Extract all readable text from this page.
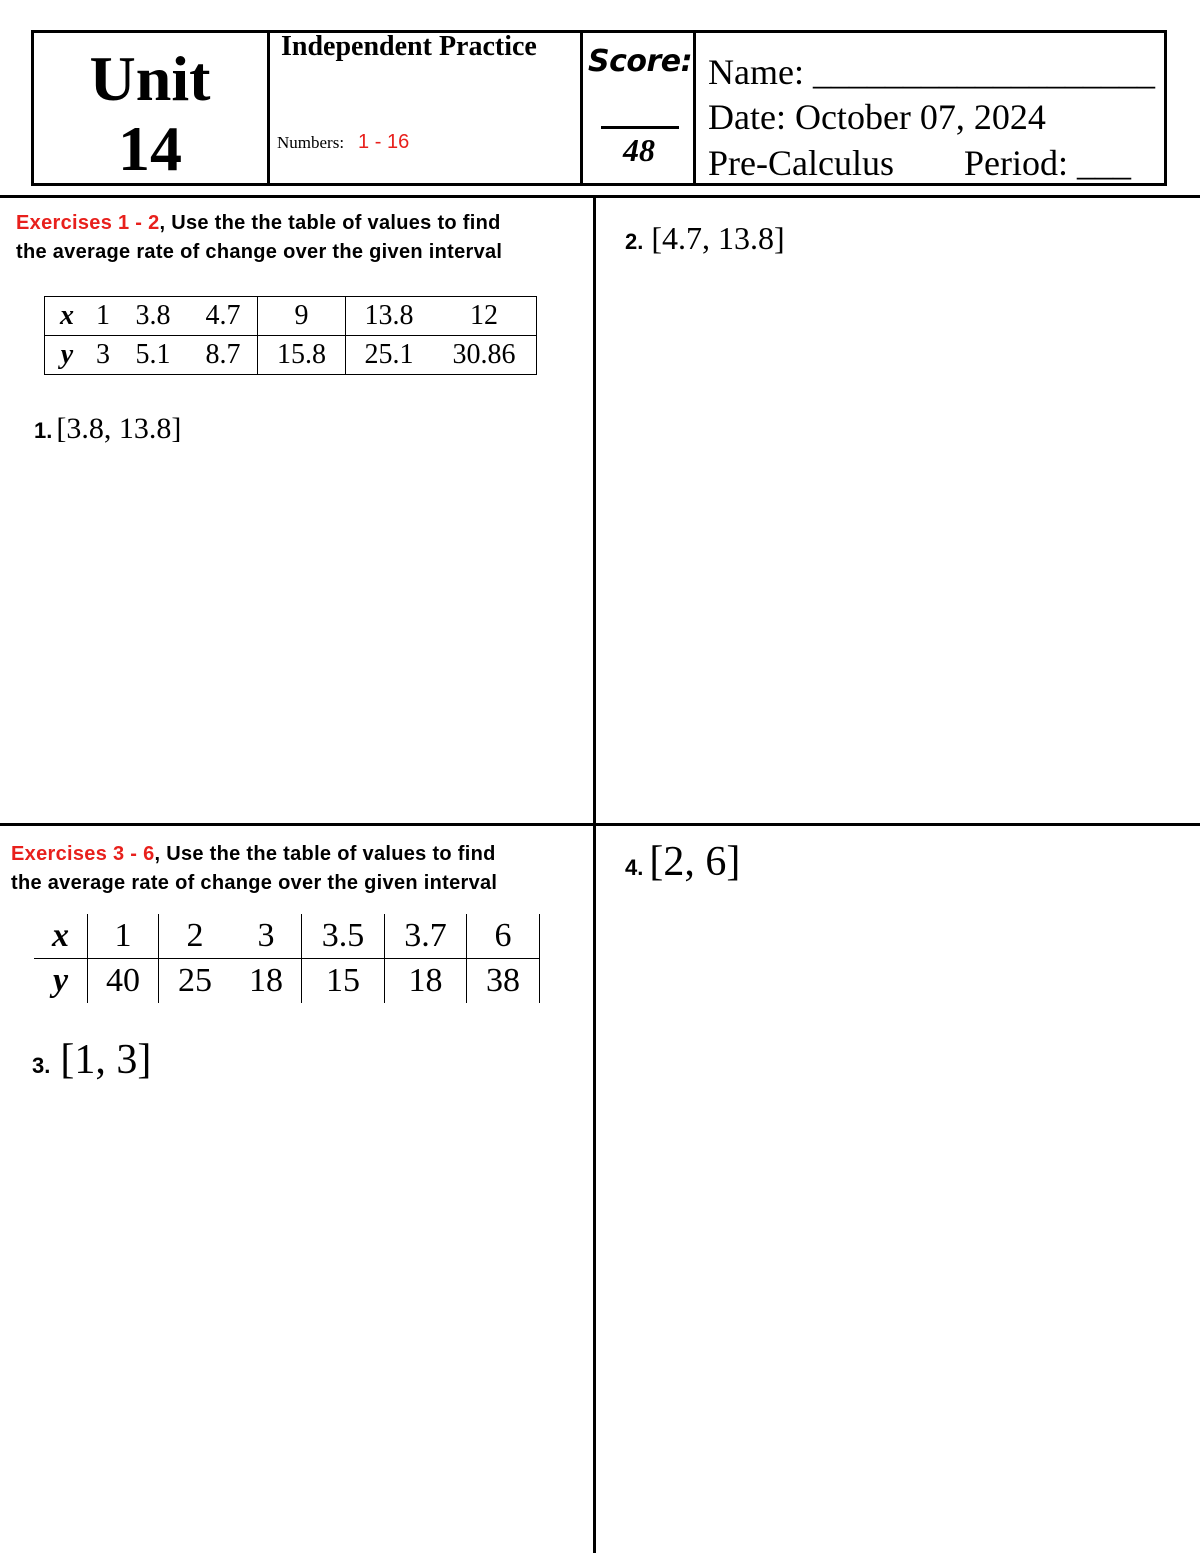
Unit
14
Independent Practice
Numbers: 1 - 16
Score:
48
Name: ___________________
Date: October 07, 2024
Pre-Calculus Period: ___
Exercises 1 - 2, Use the the table of values to find
the average rate of change over the given interval
x	1	3.8	4.7	9	13.8	12
y	3	5.1	8.7	15.8	25.1	30.86
1. [3.8, 13.8]
2. [4.7, 13.8]
Exercises 3 - 6, Use the the table of values to find
the average rate of change over the given interval
x	1	2	3	3.5	3.7	6
y	40	25	18	15	18	38
3. [1, 3]
4. [2, 6]
